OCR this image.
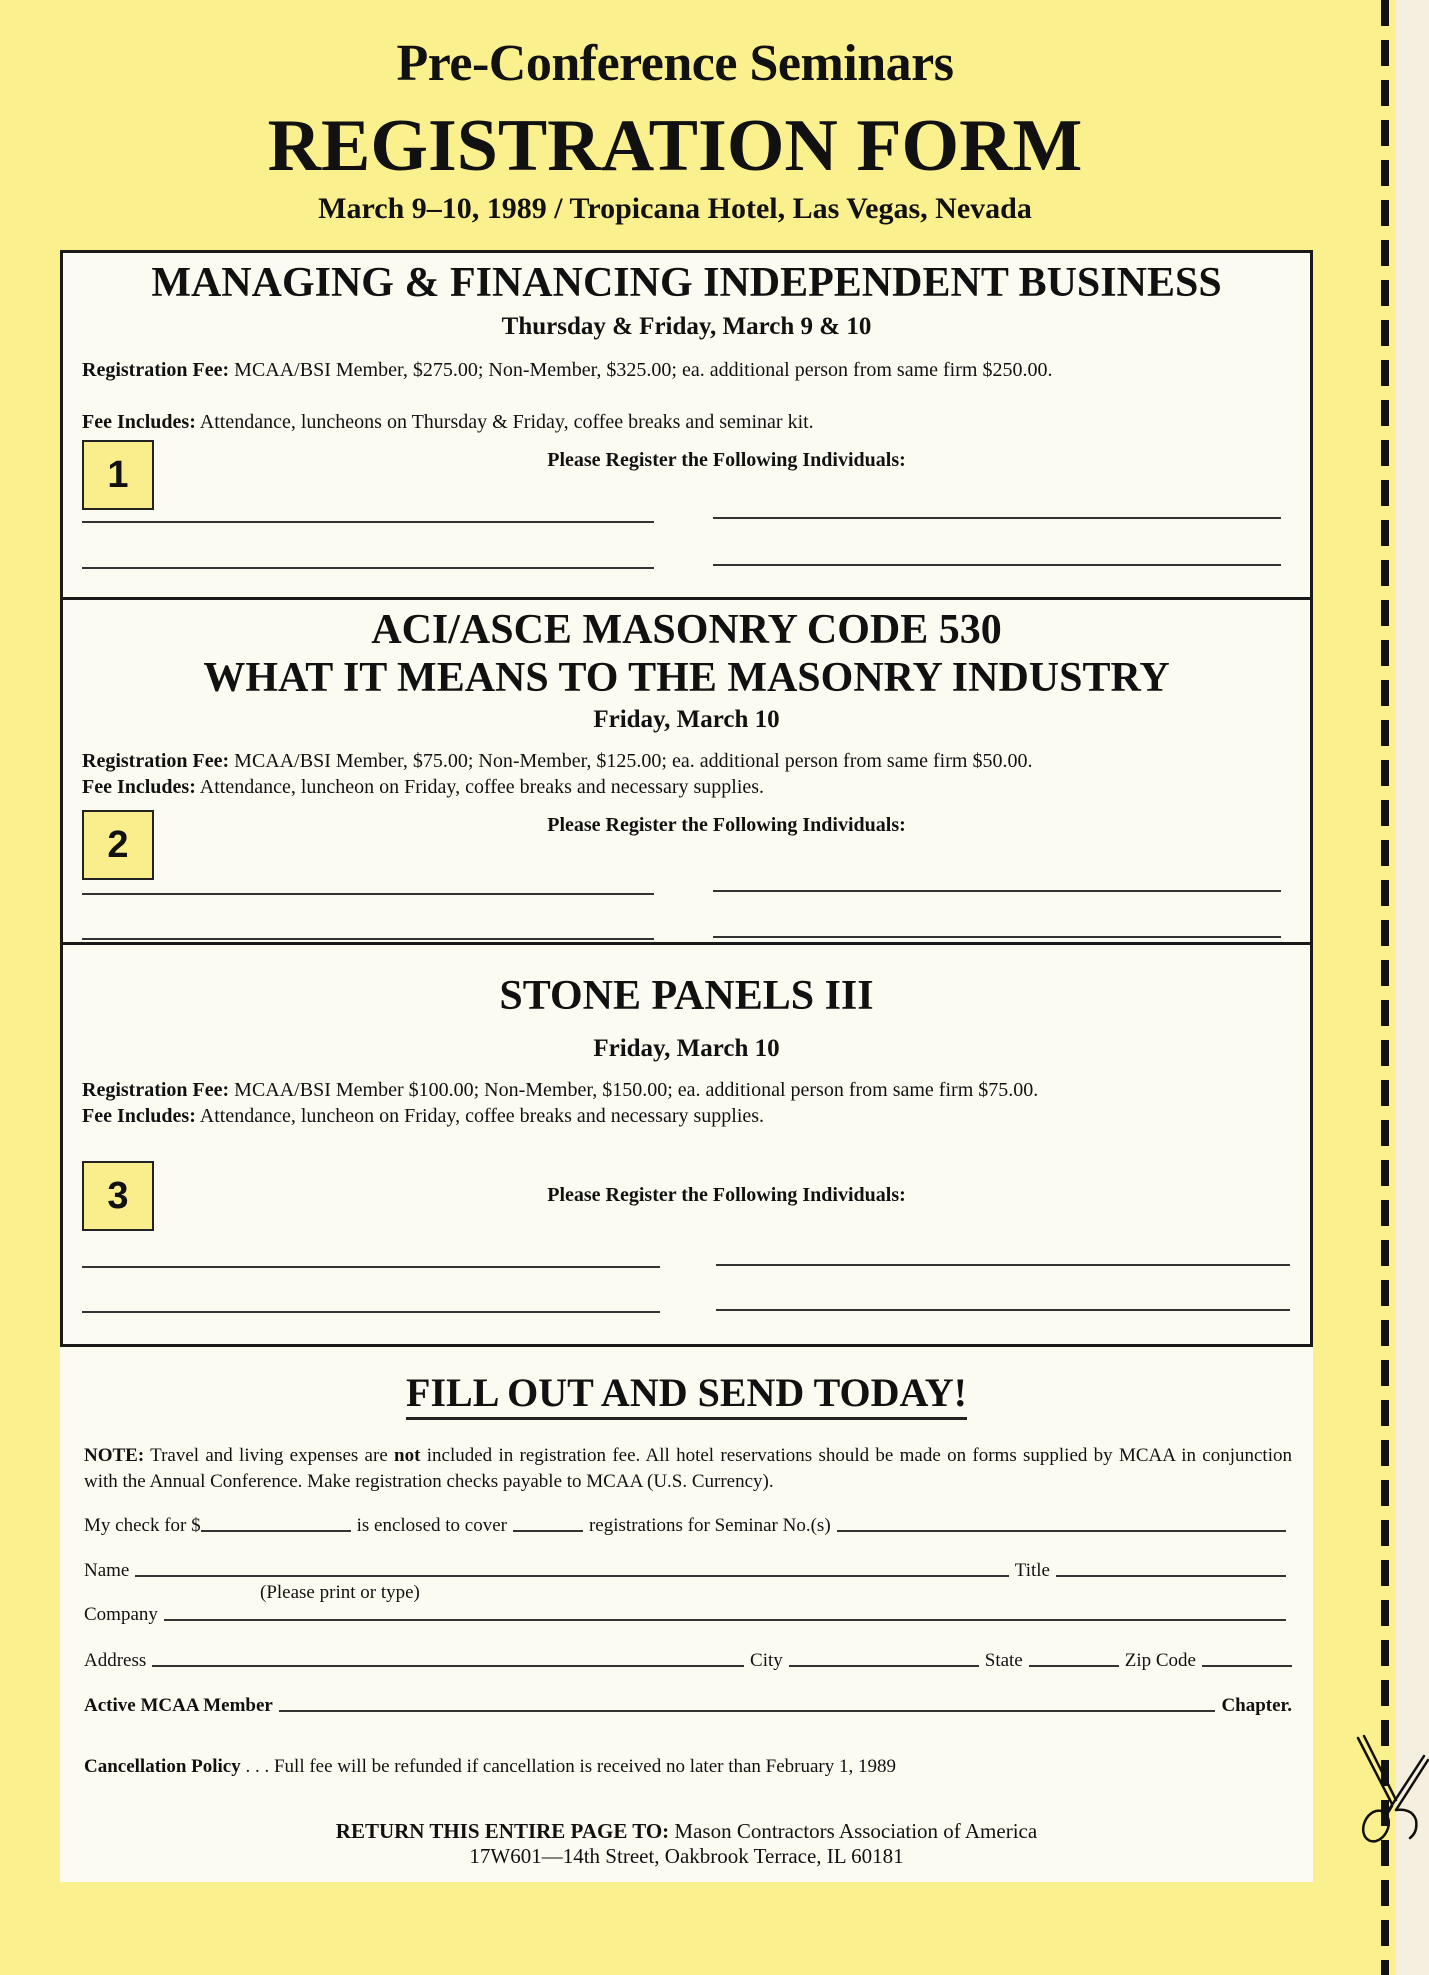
Pre-Conference Seminars
REGISTRATION FORM
March 9–10, 1989 / Tropicana Hotel, Las Vegas, Nevada
MANAGING & FINANCING INDEPENDENT BUSINESS
Thursday & Friday, March 9 & 10
Registration Fee: MCAA/BSI Member, $275.00; Non-Member, $325.00; ea. additional person from same firm $250.00.
Fee Includes: Attendance, luncheons on Thursday & Friday, coffee breaks and seminar kit.
1	Please Register the Following Individuals:
ACI/ASCE MASONRY CODE 530
WHAT IT MEANS TO THE MASONRY INDUSTRY
Friday, March 10
Registration Fee: MCAA/BSI Member, $75.00; Non-Member, $125.00; ea. additional person from same firm $50.00.
Fee Includes: Attendance, luncheon on Friday, coffee breaks and necessary supplies.
2	Please Register the Following Individuals:
STONE PANELS III
Friday, March 10
Registration Fee: MCAA/BSI Member $100.00; Non-Member, $150.00; ea. additional person from same firm $75.00.
Fee Includes: Attendance, luncheon on Friday, coffee breaks and necessary supplies.
3	Please Register the Following Individuals:
FILL OUT AND SEND TODAY!
NOTE: Travel and living expenses are not included in registration fee. All hotel reservations should be made on forms supplied by MCAA in conjunction with the Annual Conference. Make registration checks payable to MCAA (U.S. Currency).
My check for $	is enclosed to cover	registrations for Seminar No.(s)
Name	Title
(Please print or type)
Company
Address	City	State	Zip Code
Active MCAA Member	Chapter.
Cancellation Policy . . . Full fee will be refunded if cancellation is received no later than February 1, 1989
RETURN THIS ENTIRE PAGE TO: Mason Contractors Association of America
17W601—14th Street, Oakbrook Terrace, IL 60181
